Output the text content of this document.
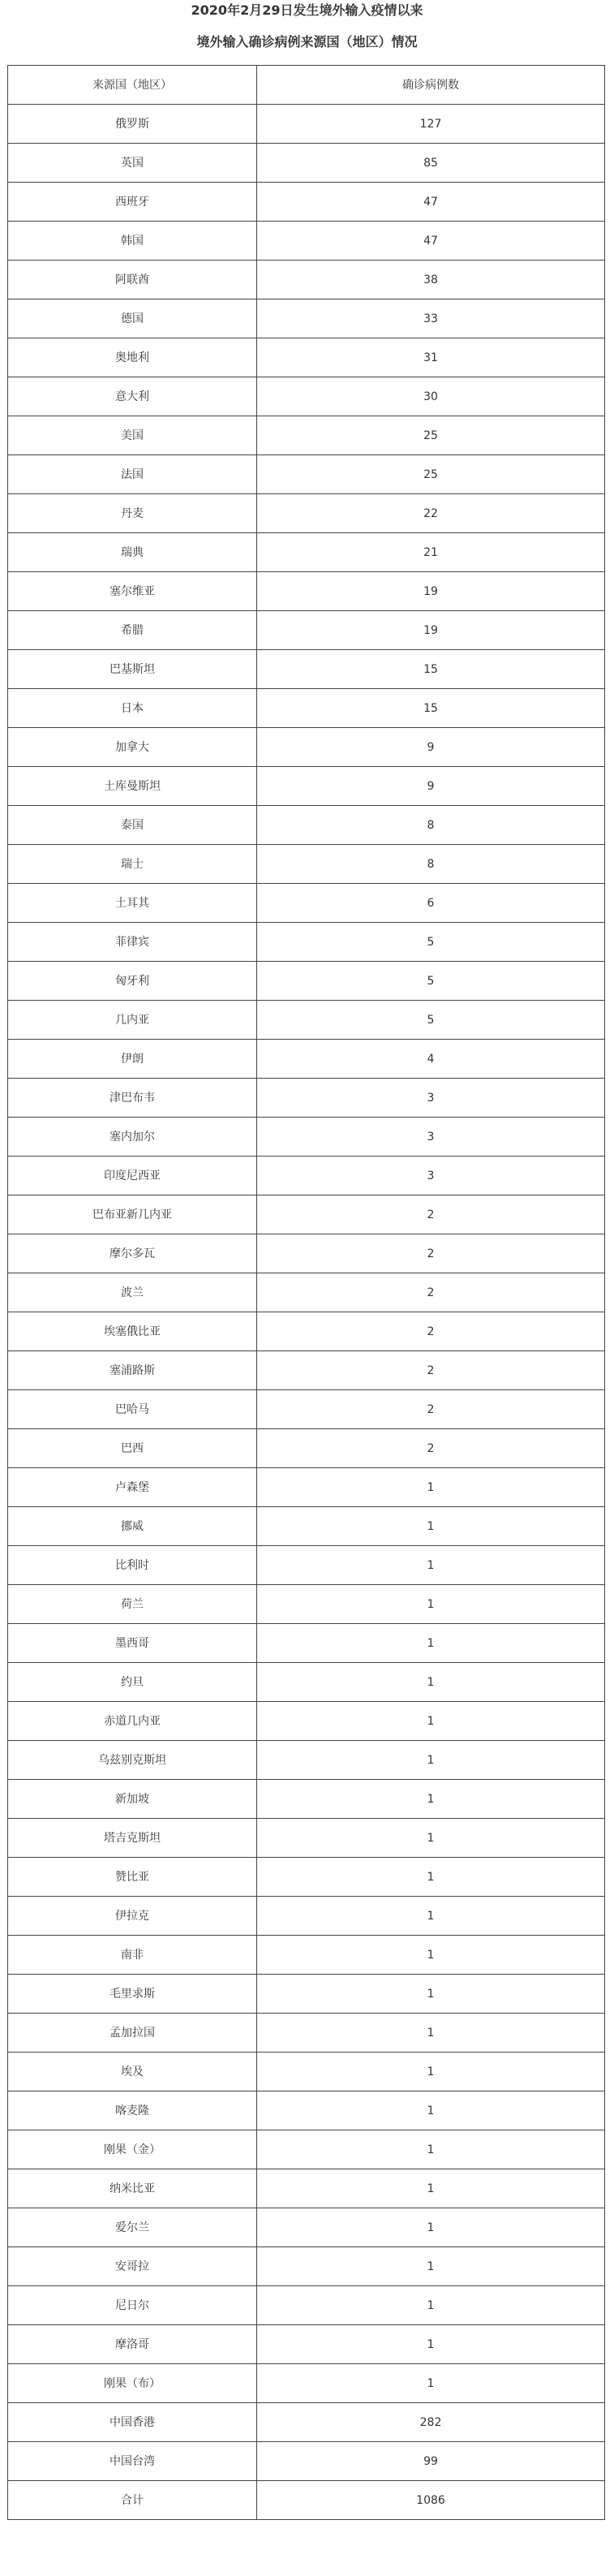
2020年2月29日发生境外输入疫情以来
境外输入确诊病例来源国（地区）情况
来源国（地区）	确诊病例数
俄罗斯	127
英国	85
西班牙	47
韩国	47
阿联酋	38
德国	33
奥地利	31
意大利	30
美国	25
法国	25
丹麦	22
瑞典	21
塞尔维亚	19
希腊	19
巴基斯坦	15
日本	15
加拿大	9
土库曼斯坦	9
泰国	8
瑞士	8
土耳其	6
菲律宾	5
匈牙利	5
几内亚	5
伊朗	4
津巴布韦	3
塞内加尔	3
印度尼西亚	3
巴布亚新几内亚	2
摩尔多瓦	2
波兰	2
埃塞俄比亚	2
塞浦路斯	2
巴哈马	2
巴西	2
卢森堡	1
挪威	1
比利时	1
荷兰	1
墨西哥	1
约旦	1
赤道几内亚	1
乌兹别克斯坦	1
新加坡	1
塔吉克斯坦	1
赞比亚	1
伊拉克	1
南非	1
毛里求斯	1
孟加拉国	1
埃及	1
喀麦隆	1
刚果（金）	1
纳米比亚	1
爱尔兰	1
安哥拉	1
尼日尔	1
摩洛哥	1
刚果（布）	1
中国香港	282
中国台湾	99
合计	1086
